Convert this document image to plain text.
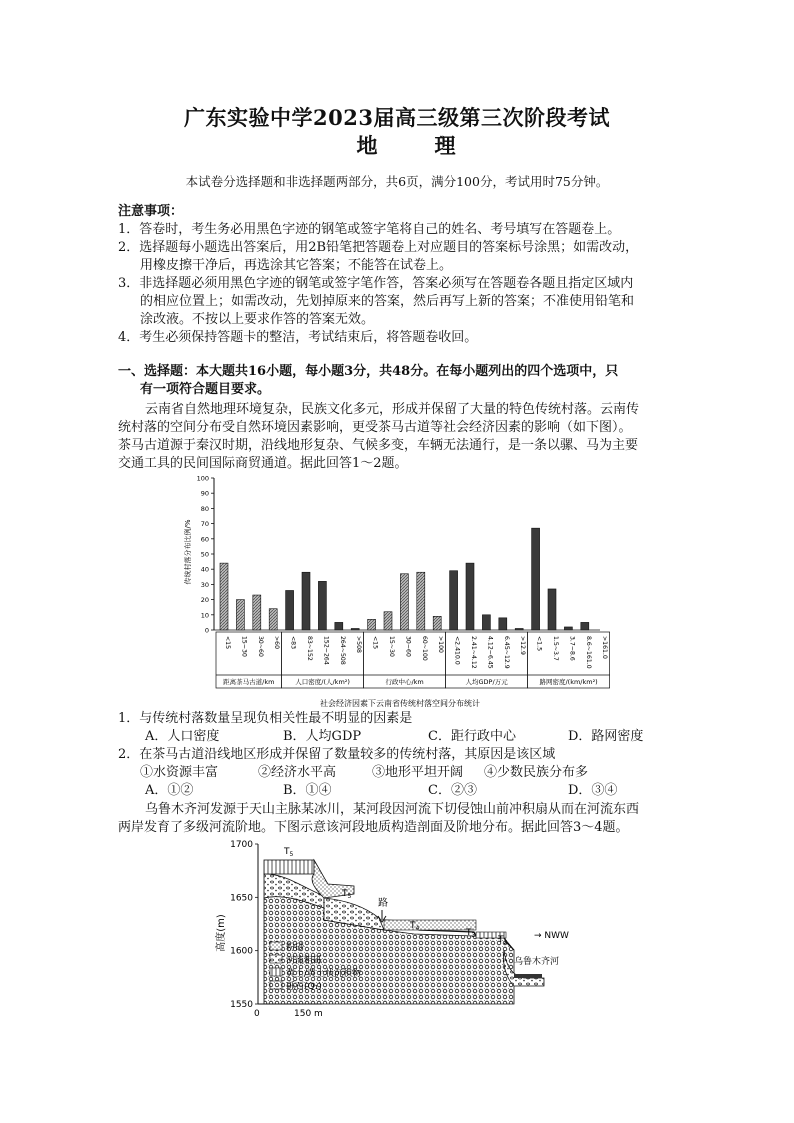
广东实验中学2023届高三级第三次阶段考试
地　理
本试卷分选择题和非选择题两部分，共6页，满分100分，考试用时75分钟。
注意事项：
1．答卷时，考生务必用黑色字迹的钢笔或签字笔将自己的姓名、考号填写在答题卷上。
2．选择题每小题选出答案后，用2B铅笔把答题卷上对应题目的答案标号涂黑；如需改动，
用橡皮擦干净后，再选涂其它答案；不能答在试卷上。
3．非选择题必须用黑色字迹的钢笔或签字笔作答，答案必须写在答题卷各题且指定区域内
的相应位置上；如需改动，先划掉原来的答案，然后再写上新的答案；不准使用铅笔和
涂改液。不按以上要求作答的答案无效。
4．考生必须保持答题卡的整洁，考试结束后，将答题卷收回。
一、选择题：本大题共16小题，每小题3分，共48分。在每小题列出的四个选项中，只
有一项符合题目要求。
云南省自然地理环境复杂，民族文化多元，形成并保留了大量的特色传统村落。云南传
统村落的空间分布受自然环境因素影响，更受茶马古道等社会经济因素的影响（如下图）。
茶马古道源于秦汉时期，沿线地形复杂、气候多变，车辆无法通行，是一条以骡、马为主要
交通工具的民间国际商贸通道。据此回答1～2题。
传统村落分布比例/%
0
10
20
30
40
50
60
70
80
90
100
<15 15~30 30~60 >60 <83 83~152 152~264 264~508 >508 <15 15~30 30~60 60~100 >100 <2.410.0 2.41~4.12 4.12~6.45 6.45~12.9 >12.9 <1.5 1.5~3.7 3.7~8.6 8.6~161.0 >161.0
距离茶马古道/km	人口密度/(人/km²)	行政中心/km	人均GDP/万元	路网密度/(km/km²)
社会经济因素下云南省传统村落空间分布统计
1．与传统村落数量呈现负相关性最不明显的因素是
A．人口密度	B．人均GDP	C．距行政中心	D．路网密度
2．在茶马古道沿线地区形成并保留了数量较多的传统村落，其原因是该区域
①水资源丰富	②经济水平高	③地形平坦开阔 ④少数民族分布多
A．①②	B．①④	C．②③	D．③④
乌鲁木齐河发源于天山主脉某冰川，某河段因河流下切侵蚀山前冲积扇从而在河流东西
两岸发育了多级河流阶地。下图示意该河段地质构造剖面及阶地分布。据此回答3～4题。
1550
1600
1650
1700
高度(m)
$T_5$
$T_5$
$T_4$	$T_3$	$T_2$
路
→ NWW
乌鲁木齐河
粉砂
河流粗砾
黄土/黄土状沉积物
砾石(Q₁)
0	150 m
